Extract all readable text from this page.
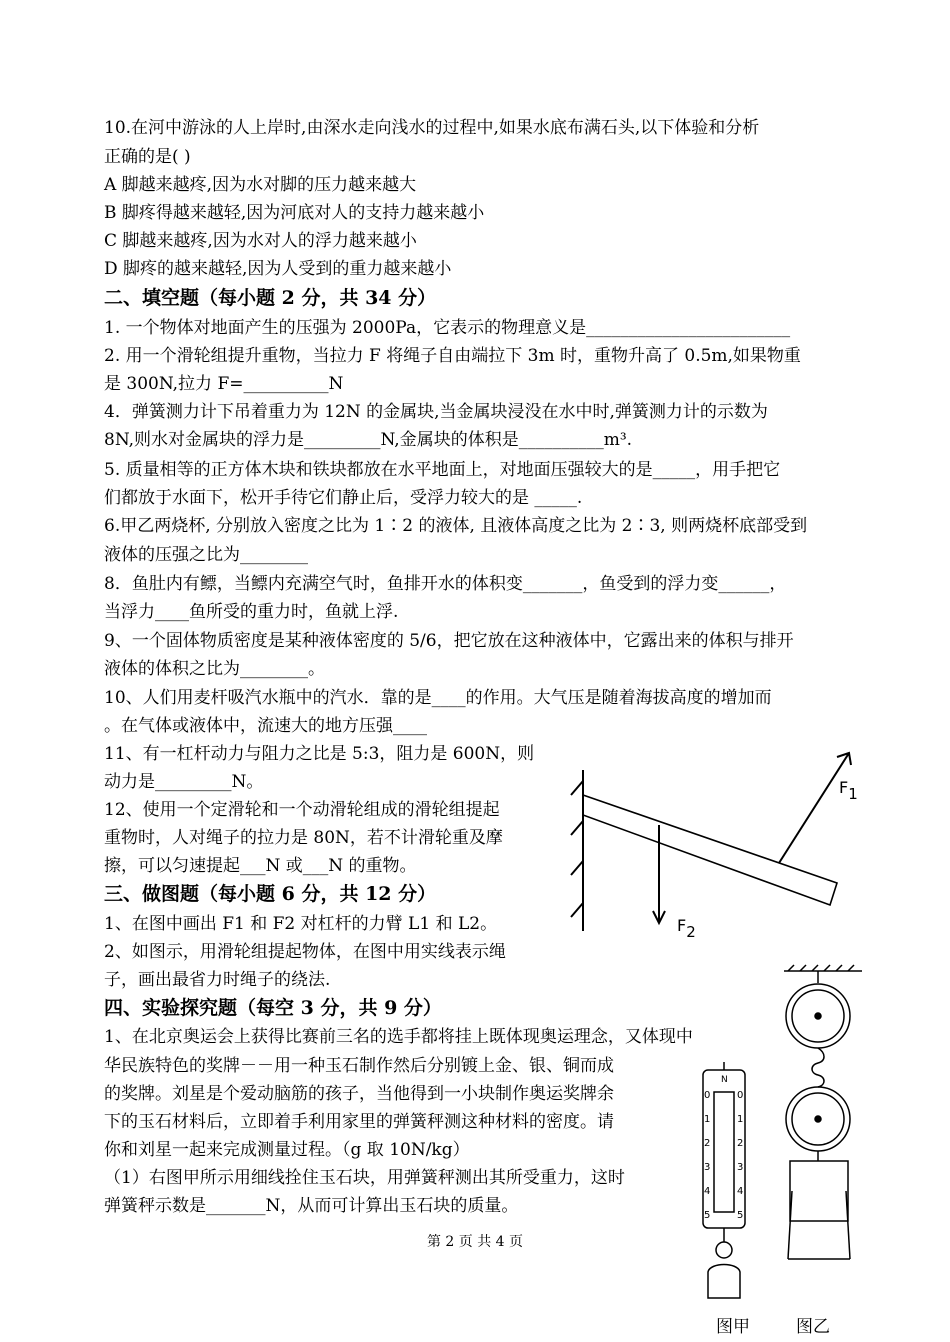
10.在河中游泳的人上岸时,由深水走向浅水的过程中,如果水底布满石头,以下体验和分析
正确的是( )
A 脚越来越疼,因为水对脚的压力越来越大
B 脚疼得越来越轻,因为河底对人的支持力越来越小
C 脚越来越疼,因为水对人的浮力越来越小
D 脚疼的越来越轻,因为人受到的重力越来越小
二、填空题（每小题 2 分，共 34 分）
1. 一个物体对地面产生的压强为 2000Pa，它表示的物理意义是________________________
2. 用一个滑轮组提升重物，当拉力 F 将绳子自由端拉下 3m 时，重物升高了 0.5m,如果物重
是 300N,拉力 F=__________N
4．弹簧测力计下吊着重力为 12N 的金属块,当金属块浸没在水中时,弹簧测力计的示数为
8N,则水对金属块的浮力是_________N,金属块的体积是__________m³.
5. 质量相等的正方体木块和铁块都放在水平地面上，对地面压强较大的是_____，用手把它
们都放于水面下，松开手待它们静止后，受浮力较大的是 _____.
6.甲乙两烧杯, 分别放入密度之比为 1∶2 的液体, 且液体高度之比为 2∶3, 则两烧杯底部受到
液体的压强之比为________
8．鱼肚内有鳔，当鳔内充满空气时，鱼排开水的体积变_______，鱼受到的浮力变______，
当浮力____鱼所受的重力时，鱼就上浮.
9、一个固体物质密度是某种液体密度的 5/6，把它放在这种液体中，它露出来的体积与排开
液体的体积之比为________。
10、人们用麦杆吸汽水瓶中的汽水．靠的是____的作用。大气压是随着海拔高度的增加而
。在气体或液体中，流速大的地方压强____
11、有一杠杆动力与阻力之比是 5:3，阻力是 600N，则
动力是_________N。
12、使用一个定滑轮和一个动滑轮组成的滑轮组提起
重物时，人对绳子的拉力是 80N，若不计滑轮重及摩
擦，可以匀速提起___N 或___N 的重物。
三、做图题（每小题 6 分，共 12 分）
1、在图中画出 F1 和 F2 对杠杆的力臂 L1 和 L2。
2、如图示，用滑轮组提起物体，在图中用实线表示绳
子，画出最省力时绳子的绕法.
四、实验探究题（每空 3 分，共 9 分）
1、在北京奥运会上获得比赛前三名的选手都将挂上既体现奥运理念，又体现中
华民族特色的奖牌－－用一种玉石制作然后分别镀上金、银、铜而成
的奖牌。刘星是个爱动脑筋的孩子，当他得到一小块制作奥运奖牌余
下的玉石材料后，立即着手利用家里的弹簧秤测这种材料的密度。请
你和刘星一起来完成测量过程。（g 取 10N/kg）
（1）右图甲所示用细线拴住玉石块，用弹簧秤测出其所受重力，这时
弹簧秤示数是_______N，从而可计算出玉石块的质量。
第 2 页 共 4 页
F1
F2
N
0
1
2
3
4
5
0
1
2
3
4
5
图甲	图乙
